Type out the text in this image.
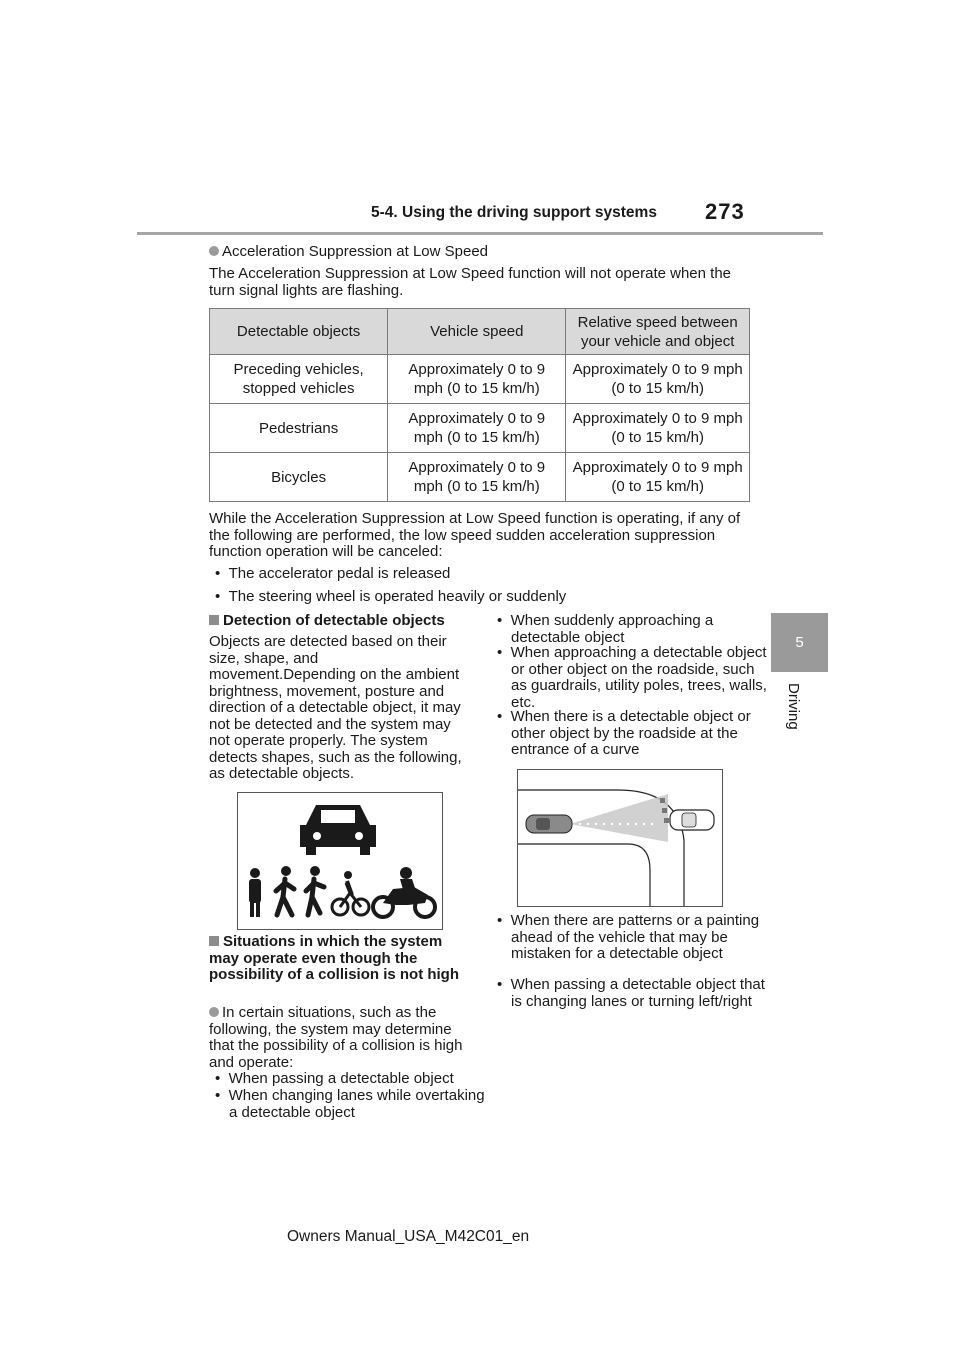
5-4. Using the driving support systems 273
5
Driving
Acceleration Suppression at Low Speed
The Acceleration Suppression at Low Speed function will not operate when the turn signal lights are flashing.
Detectable objects	Vehicle speed	Relative speed between your vehicle and object
Preceding vehicles, stopped vehicles	Approximately 0 to 9 mph (0 to 15 km/h)	Approximately 0 to 9 mph (0 to 15 km/h)
Pedestrians	Approximately 0 to 9 mph (0 to 15 km/h)	Approximately 0 to 9 mph (0 to 15 km/h)
Bicycles	Approximately 0 to 9 mph (0 to 15 km/h)	Approximately 0 to 9 mph (0 to 15 km/h)
While the Acceleration Suppression at Low Speed function is operating, if any of the following are performed, the low speed sudden acceleration suppression function operation will be canceled:
•  The accelerator pedal is released
•  The steering wheel is operated heavily or suddenly
Detection of detectable objects
Objects are detected based on their size, shape, and movement.Depending on the ambient brightness, movement, posture and direction of a detectable object, it may not be detected and the system may not operate properly. The system detects shapes, such as the following, as detectable objects.
Situations in which the system may operate even though the possibility of a collision is not high
In certain situations, such as the following, the system may determine that the possibility of a collision is high and operate:
•  When passing a detectable object
•  When changing lanes while overtaking a detectable object
•  When suddenly approaching a detectable object
•  When approaching a detectable object or other object on the roadside, such as guardrails, utility poles, trees, walls, etc.
•  When there is a detectable object or other object by the roadside at the entrance of a curve
•  When there are patterns or a painting ahead of the vehicle that may be mistaken for a detectable object
•  When passing a detectable object that is changing lanes or turning left/right
Owners Manual_USA_M42C01_en
